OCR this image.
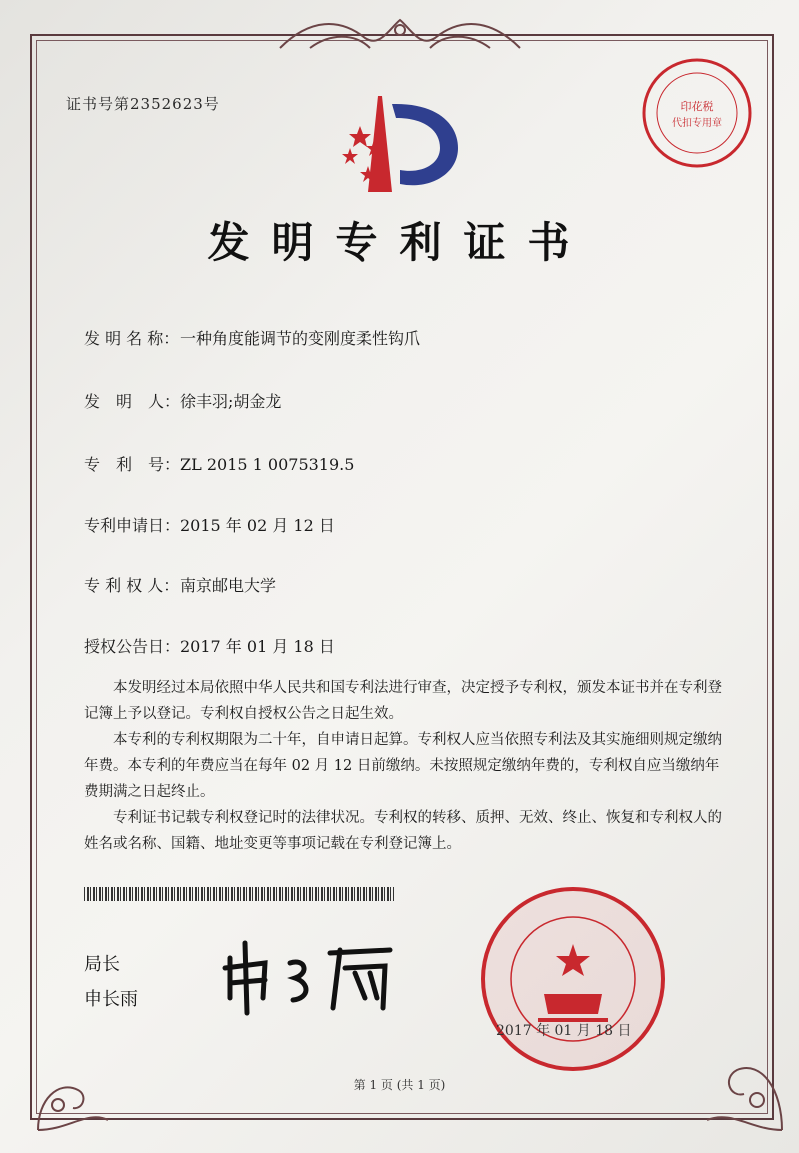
证书号第2352623号	印花税
代扣专用章
发明专利证书
发 明 名 称：一种角度能调节的变刚度柔性钩爪
发　明　人：徐丰羽;胡金龙
专　利　号：ZL 2015 1 0075319.5
专利申请日：2015 年 02 月 12 日
专 利 权 人：南京邮电大学
授权公告日：2017 年 01 月 18 日

本发明经过本局依照中华人民共和国专利法进行审查，决定授予专利权，颁发本证书并在专利登记簿上予以登记。专利权自授权公告之日起生效。

本专利的专利权期限为二十年，自申请日起算。专利权人应当依照专利法及其实施细则规定缴纳年费。本专利的年费应当在每年 02 月 12 日前缴纳。未按照规定缴纳年费的，专利权自应当缴纳年费期满之日起终止。

专利证书记载专利权登记时的法律状况。专利权的转移、质押、无效、终止、恢复和专利权人的姓名或名称、国籍、地址变更等事项记载在专利登记簿上。

局长
申长雨
2017 年 01 月 18 日
第 1 页 (共 1 页)
